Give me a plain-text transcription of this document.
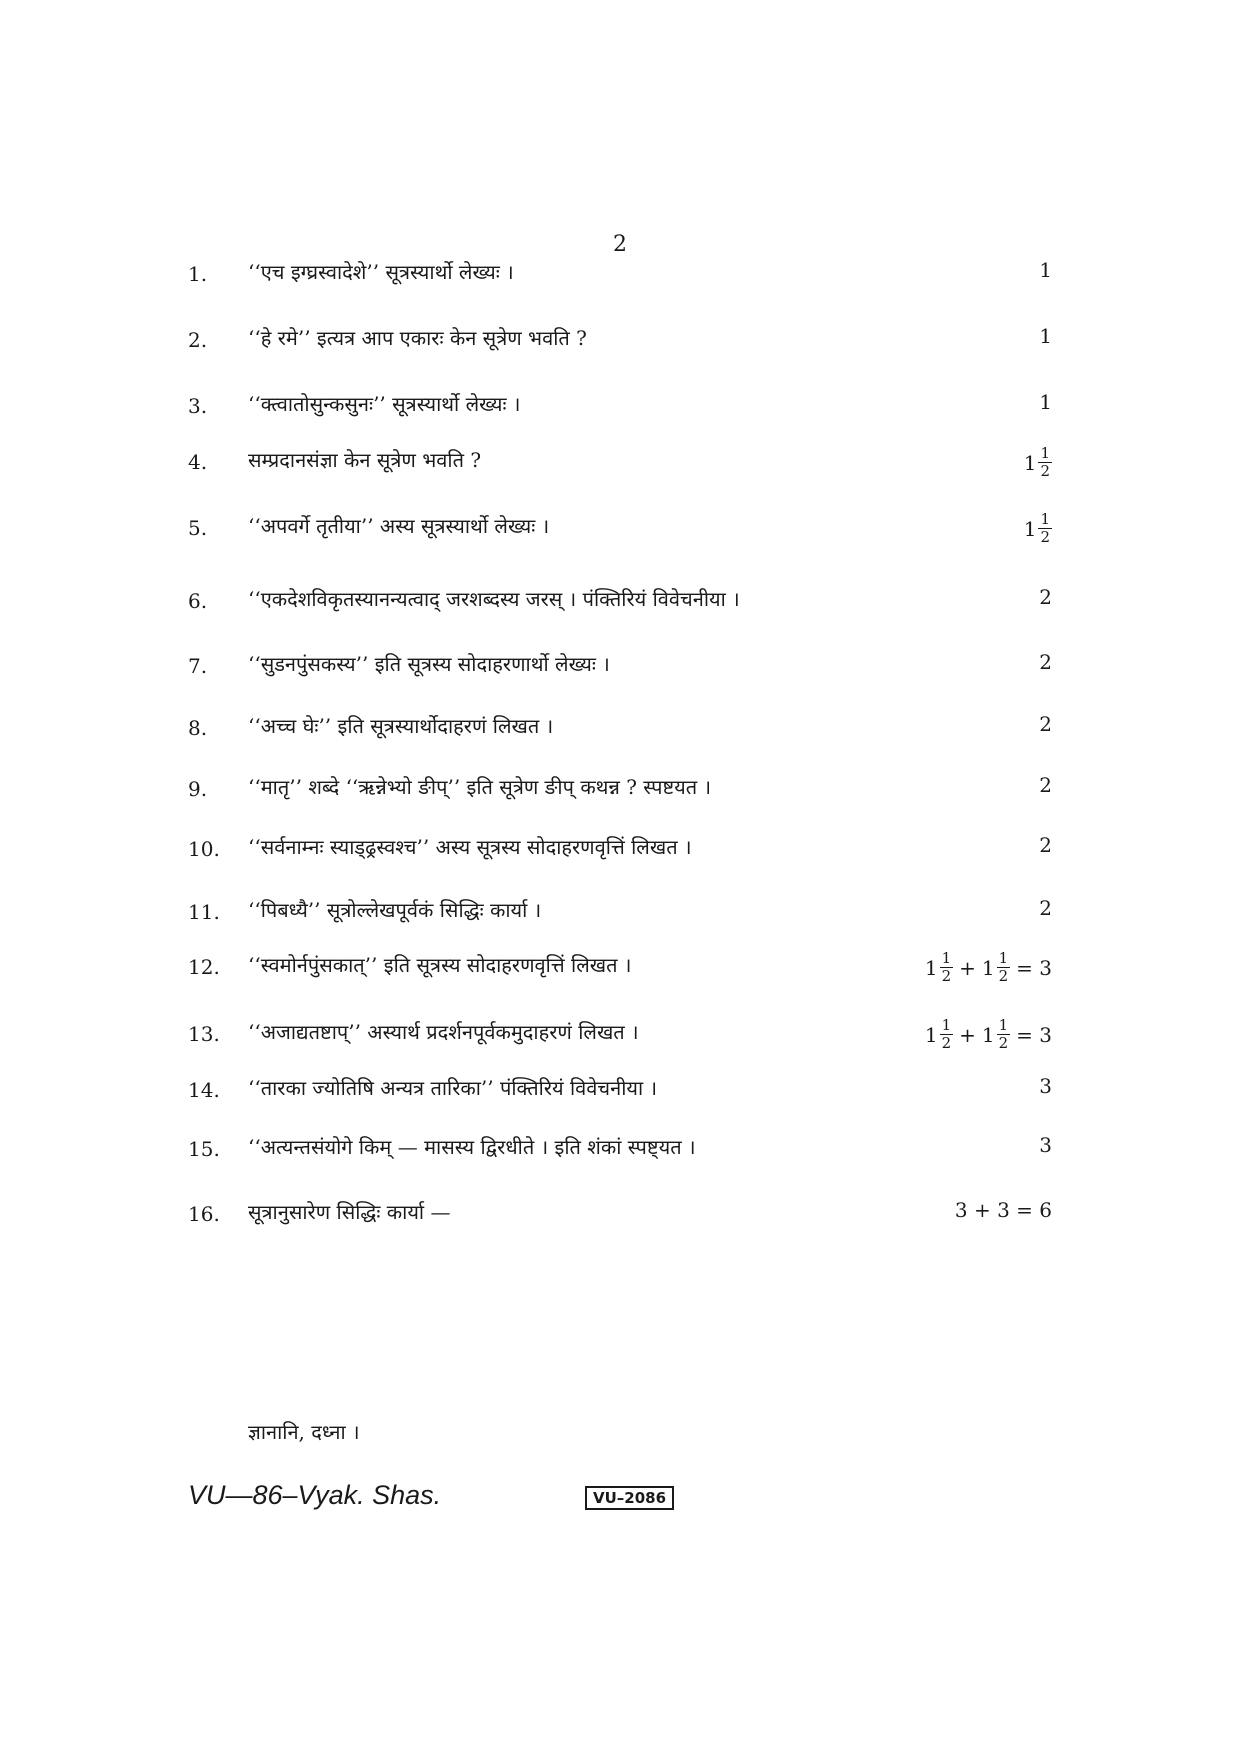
2
1. ‘‘एच इग्घ्रस्वादेशे’’ सूत्रस्यार्थो लेख्यः ।	1
2. ‘‘हे रमे’’ इत्यत्र आप एकारः केन सूत्रेण भवति ?	1
3. ‘‘क्त्वातोसुन्कसुनः’’ सूत्रस्यार्थो लेख्यः ।	1
4. सम्प्रदानसंज्ञा केन सूत्रेण भवति ?	$1 \frac{1}{2}$
5. ‘‘अपवर्गे तृतीया’’ अस्य सूत्रस्यार्थो लेख्यः ।	$1 \frac{1}{2}$
6. ‘‘एकदेशविकृतस्यानन्यत्वाद् जरशब्दस्य जरस् । पंक्तिरियं विवेचनीया ।	2
7. ‘‘सुडनपुंसकस्य’’ इति सूत्रस्य सोदाहरणार्थो लेख्यः ।	2
8. ‘‘अच्च घेः’’ इति सूत्रस्यार्थोदाहरणं लिखत ।	2
9. ‘‘मातृ’’ शब्दे ‘‘ऋन्नेभ्यो ङीप्’’ इति सूत्रेण ङीप् कथन्न ? स्पष्टयत ।	2
10. ‘‘सर्वनाम्नः स्याड्ढ्रस्वश्च’’ अस्य सूत्रस्य सोदाहरणवृत्तिं लिखत ।	2
11. ‘‘पिबध्यै’’ सूत्रोल्लेखपूर्वकं सिद्धिः कार्या ।	2
12. ‘‘स्वमोर्नपुंसकात्’’ इति सूत्रस्य सोदाहरणवृत्तिं लिखत ।	$1 \frac{1}{2} + 1 \frac{1}{2} = 3$
13. ‘‘अजाद्यतष्टाप्’’ अस्यार्थ प्रदर्शनपूर्वकमुदाहरणं लिखत ।	$1 \frac{1}{2} + 1 \frac{1}{2} = 3$
14. ‘‘तारका ज्योतिषि अन्यत्र तारिका’’ पंक्तिरियं विवेचनीया ।	3
15. ‘‘अत्यन्तसंयोगे किम् — मासस्य द्विरधीते । इति शंकां स्पष्ट्यत ।	3
16. सूत्रानुसारेण सिद्धिः कार्या —	3 + 3 = 6
ज्ञानानि, दध्ना ।
VU—86–Vyak. Shas.	VU–2086
